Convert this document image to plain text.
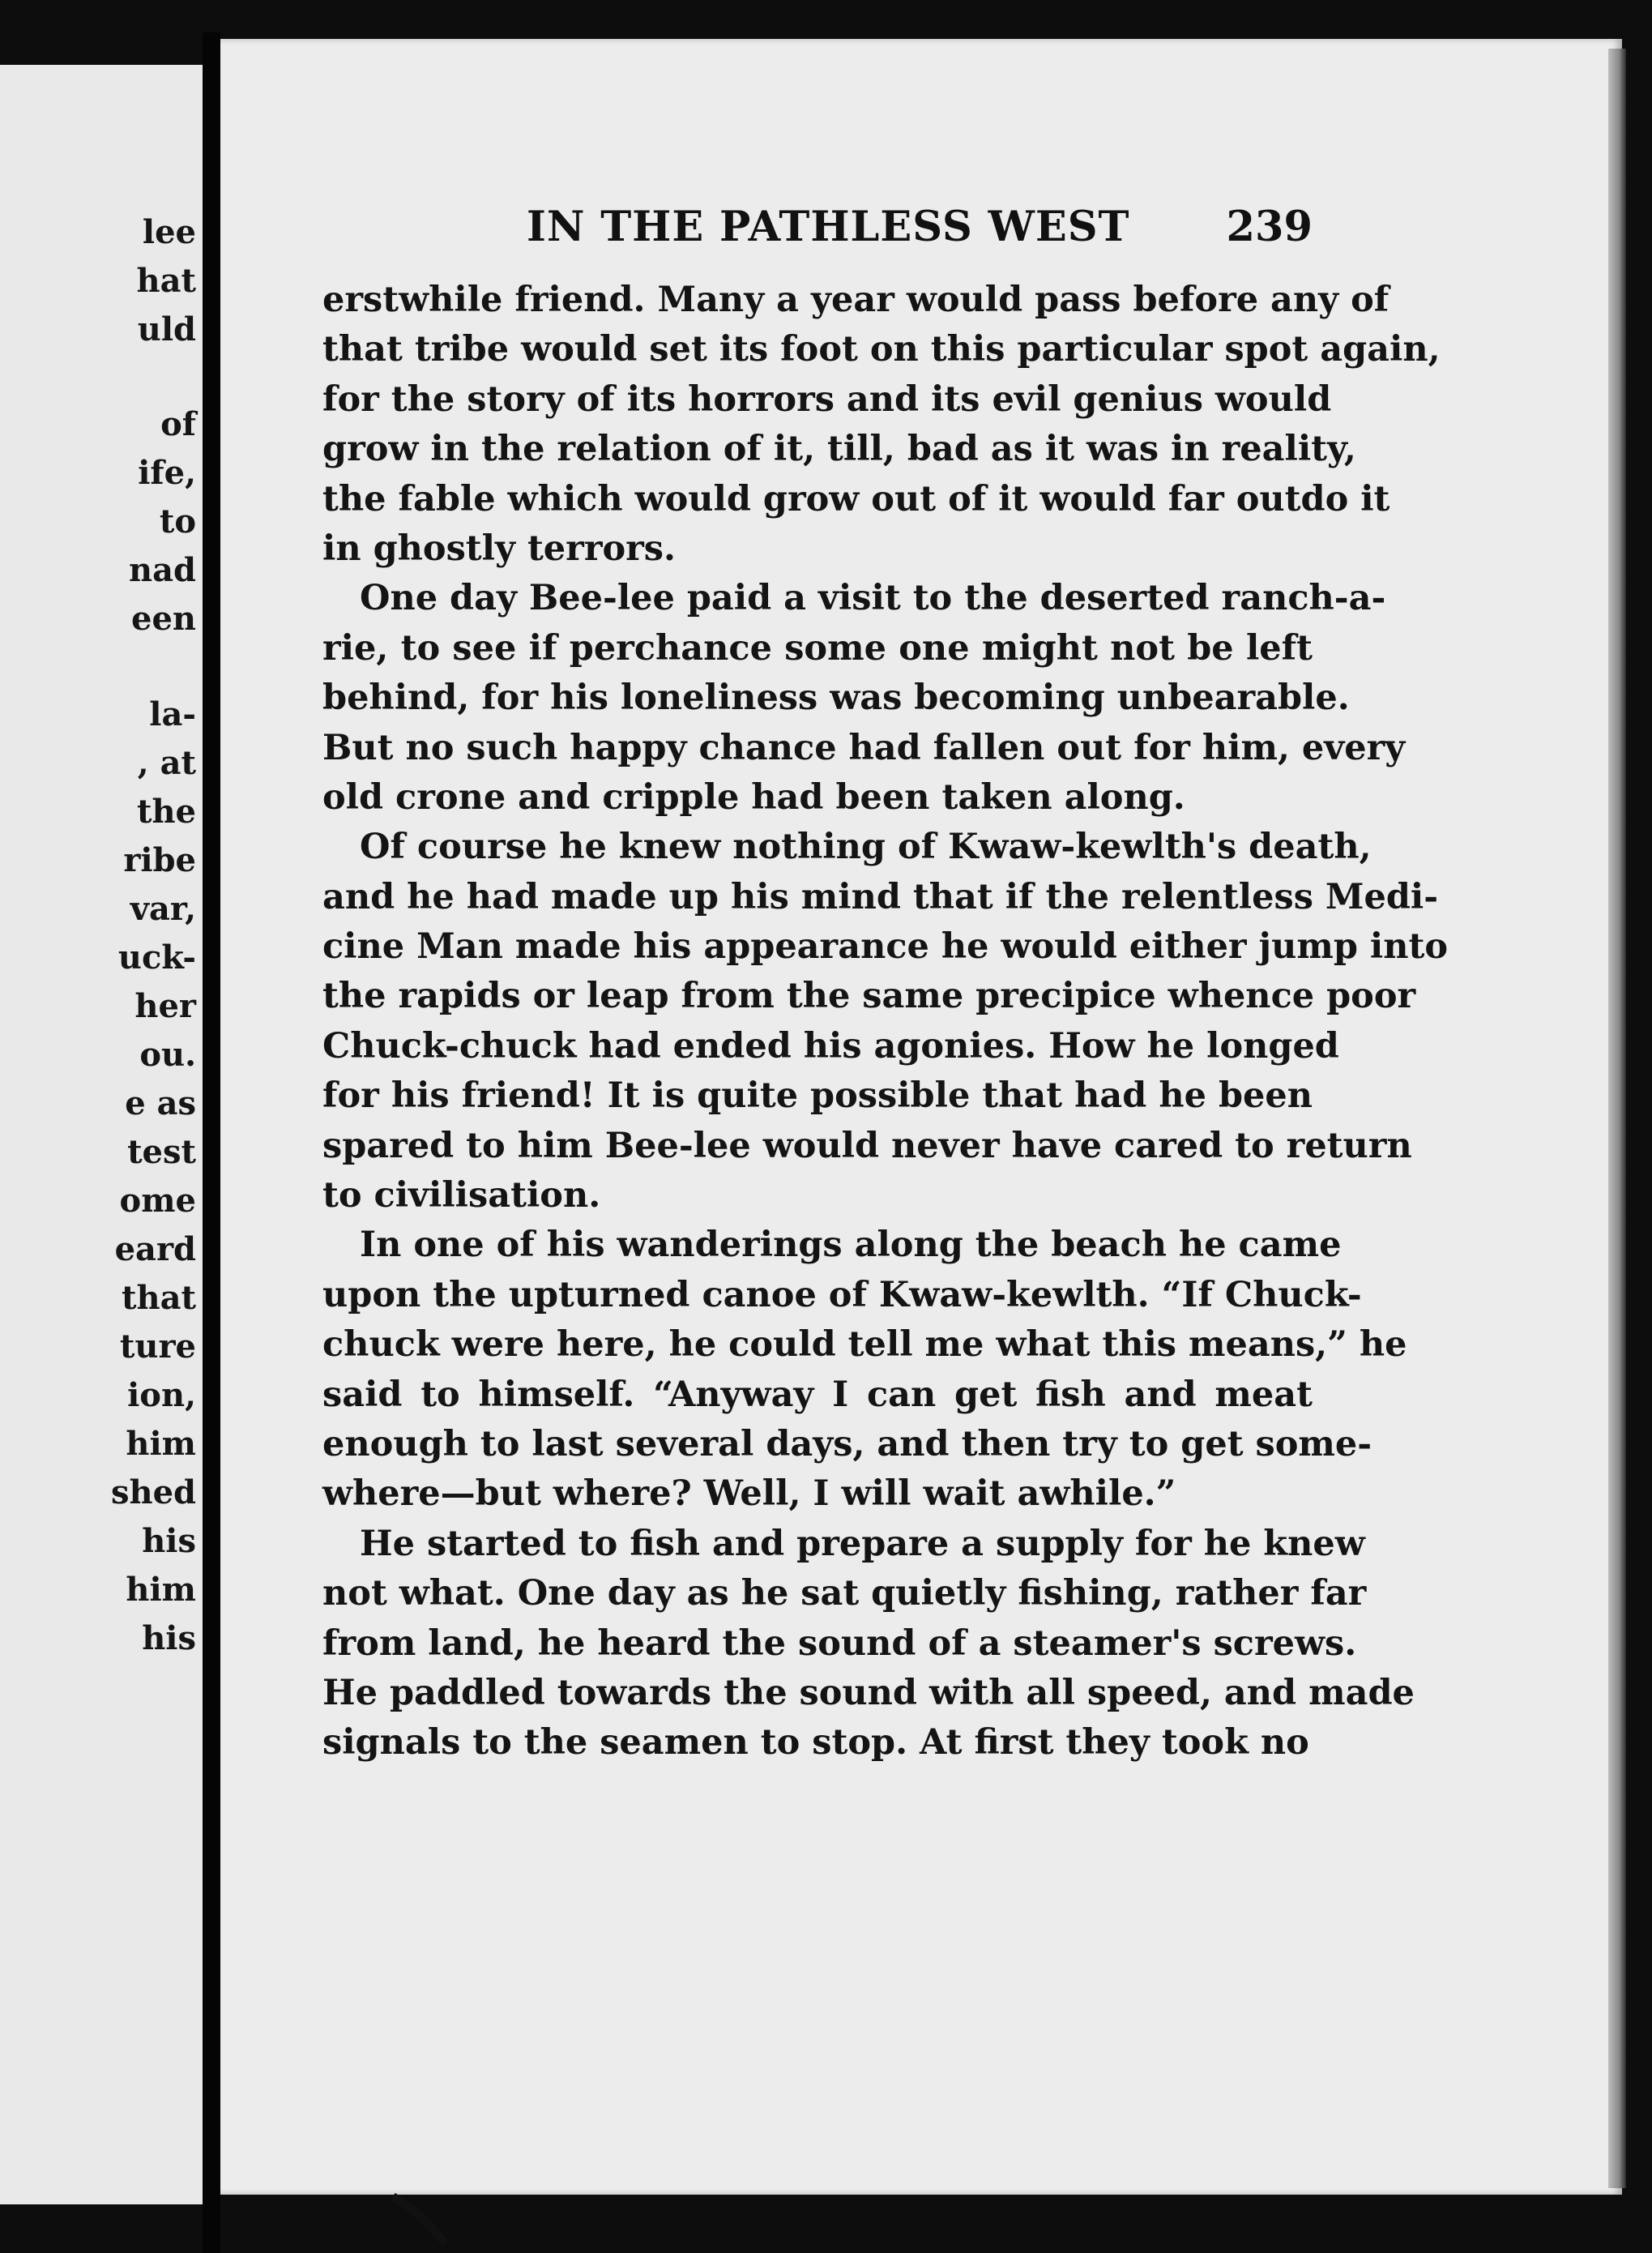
lee
hat
uld
of
ife,
to
nad
een
la-
, at
the
ribe
var,
uck-
her
ou.
e as
test
ome
eard
that
ture
ion,
him
shed
his
him
his
IN THE PATHLESS WEST 239
erstwhile friend. Many a year would pass before any of
that tribe would set its foot on this particular spot again,
for the story of its horrors and its evil genius would
grow in the relation of it, till, bad as it was in reality,
the fable which would grow out of it would far outdo it
in ghostly terrors.
One day Bee-lee paid a visit to the deserted ranch-a-
rie, to see if perchance some one might not be left
behind, for his loneliness was becoming unbearable.
But no such happy chance had fallen out for him, every
old crone and cripple had been taken along.
Of course he knew nothing of Kwaw-kewlth's death,
and he had made up his mind that if the relentless Medi-
cine Man made his appearance he would either jump into
the rapids or leap from the same precipice whence poor
Chuck-chuck had ended his agonies. How he longed
for his friend! It is quite possible that had he been
spared to him Bee-lee would never have cared to return
to civilisation.
In one of his wanderings along the beach he came
upon the upturned canoe of Kwaw-kewlth. “If Chuck-
chuck were here, he could tell me what this means,” he
said to himself. “Anyway I can get fish and meat
enough to last several days, and then try to get some-
where—but where? Well, I will wait awhile.”
He started to fish and prepare a supply for he knew
not what. One day as he sat quietly fishing, rather far
from land, he heard the sound of a steamer's screws.
He paddled towards the sound with all speed, and made
signals to the seamen to stop. At first they took no
